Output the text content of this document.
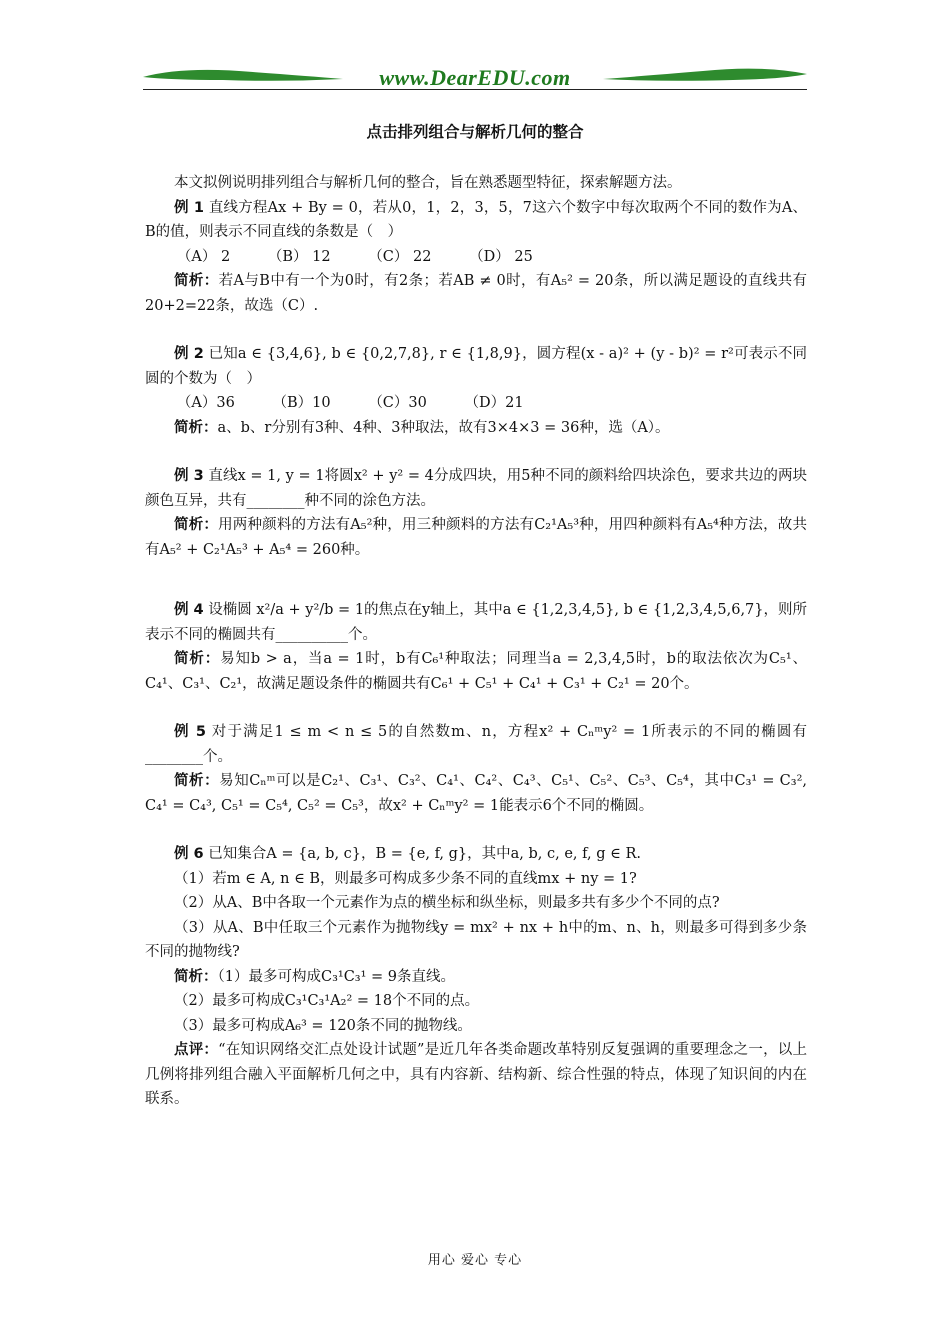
www.DearEDU.com
点击排列组合与解析几何的整合

本文拟例说明排列组合与解析几何的整合，旨在熟悉题型特征，探索解题方法。

例 1 直线方程Ax + By = 0，若从0，1，2，3，5，7这六个数字中每次取两个不同的数作为A、B的值，则表示不同直线的条数是（　）

（A） 2	（B） 12	（C） 22	（D） 25

简析：若A与B中有一个为0时，有2条；若AB ≠ 0时，有A₅² = 20条，所以满足题设的直线共有20+2=22条，故选（C）.

例 2 已知a ∈ {3,4,6}, b ∈ {0,2,7,8}, r ∈ {1,8,9}，圆方程(x - a)² + (y - b)² = r²可表示不同圆的个数为（　）

（A）36	（B）10	（C）30	（D）21

简析：a、b、r分别有3种、4种、3种取法，故有3×4×3 = 36种，选（A）。

例 3 直线x = 1, y = 1将圆x² + y² = 4分成四块，用5种不同的颜料给四块涂色，要求共边的两块颜色互异，共有________种不同的涂色方法。

简析：用两种颜料的方法有A₅²种，用三种颜料的方法有C₂¹A₅³种，用四种颜料有A₅⁴种方法，故共有A₅² + C₂¹A₅³ + A₅⁴ = 260种。

例 4 设椭圆 x²/a + y²/b = 1的焦点在y轴上，其中a ∈ {1,2,3,4,5}, b ∈ {1,2,3,4,5,6,7}，则所表示不同的椭圆共有__________个。

简析：易知b > a，当a = 1时，b有C₆¹种取法；同理当a = 2,3,4,5时，b的取法依次为C₅¹、C₄¹、C₃¹、C₂¹，故满足题设条件的椭圆共有C₆¹ + C₅¹ + C₄¹ + C₃¹ + C₂¹ = 20个。

例 5 对于满足1 ≤ m < n ≤ 5的自然数m、n，方程x² + Cₙᵐy² = 1所表示的不同的椭圆有________个。

简析：易知Cₙᵐ可以是C₂¹、C₃¹、C₃²、C₄¹、C₄²、C₄³、C₅¹、C₅²、C₅³、C₅⁴，其中C₃¹ = C₃², C₄¹ = C₄³, C₅¹ = C₅⁴, C₅² = C₅³，故x² + Cₙᵐy² = 1能表示6个不同的椭圆。

例 6 已知集合A = {a, b, c}，B = {e, f, g}，其中a, b, c, e, f, g ∈ R.

（1）若m ∈ A, n ∈ B，则最多可构成多少条不同的直线mx + ny = 1?

（2）从A、B中各取一个元素作为点的横坐标和纵坐标，则最多共有多少个不同的点?

（3）从A、B中任取三个元素作为抛物线y = mx² + nx + h中的m、n、h，则最多可得到多少条不同的抛物线?

简析：（1）最多可构成C₃¹C₃¹ = 9条直线。

（2）最多可构成C₃¹C₃¹A₂² = 18个不同的点。

（3）最多可构成A₆³ = 120条不同的抛物线。

点评：“在知识网络交汇点处设计试题”是近几年各类命题改革特别反复强调的重要理念之一，以上几例将排列组合融入平面解析几何之中，具有内容新、结构新、综合性强的特点，体现了知识间的内在联系。

用心 爱心 专心
